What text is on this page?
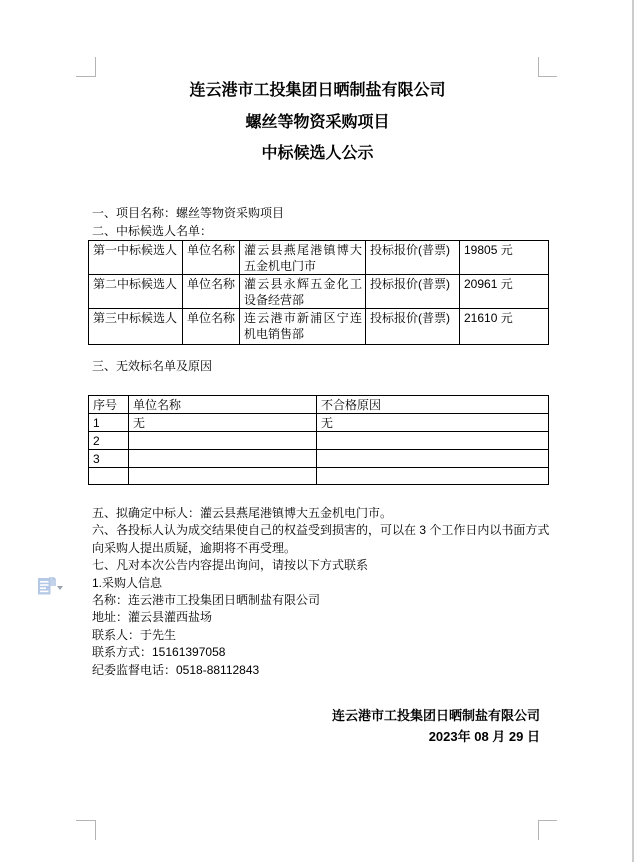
连云港市工投集团日晒制盐有限公司
螺丝等物资采购项目
中标候选人公示
一、项目名称：螺丝等物资采购项目
二、中标候选人名单：
第一中标候选人	单位名称	灌云县燕尾港镇博大五金机电门市	投标报价(普票)	19805 元
第二中标候选人	单位名称	灌云县永辉五金化工设备经营部	投标报价(普票)	20961 元
第三中标候选人	单位名称	连云港市新浦区宁连机电销售部	投标报价(普票)	21610 元
三、无效标名单及原因
序号	单位名称	不合格原因
1	无	无
2		
3		

五、拟确定中标人：灌云县燕尾港镇博大五金机电门市。
六、各投标人认为成交结果使自己的权益受到损害的，可以在 3 个工作日内以书面方式向采购人提出质疑，逾期将不再受理。
七、凡对本次公告内容提出询问，请按以下方式联系
1.采购人信息
名称：连云港市工投集团日晒制盐有限公司
地址：灌云县灌西盐场
联系人：于先生
联系方式：15161397058
纪委监督电话：0518-88112843
连云港市工投集团日晒制盐有限公司
2023年 08 月 29 日
